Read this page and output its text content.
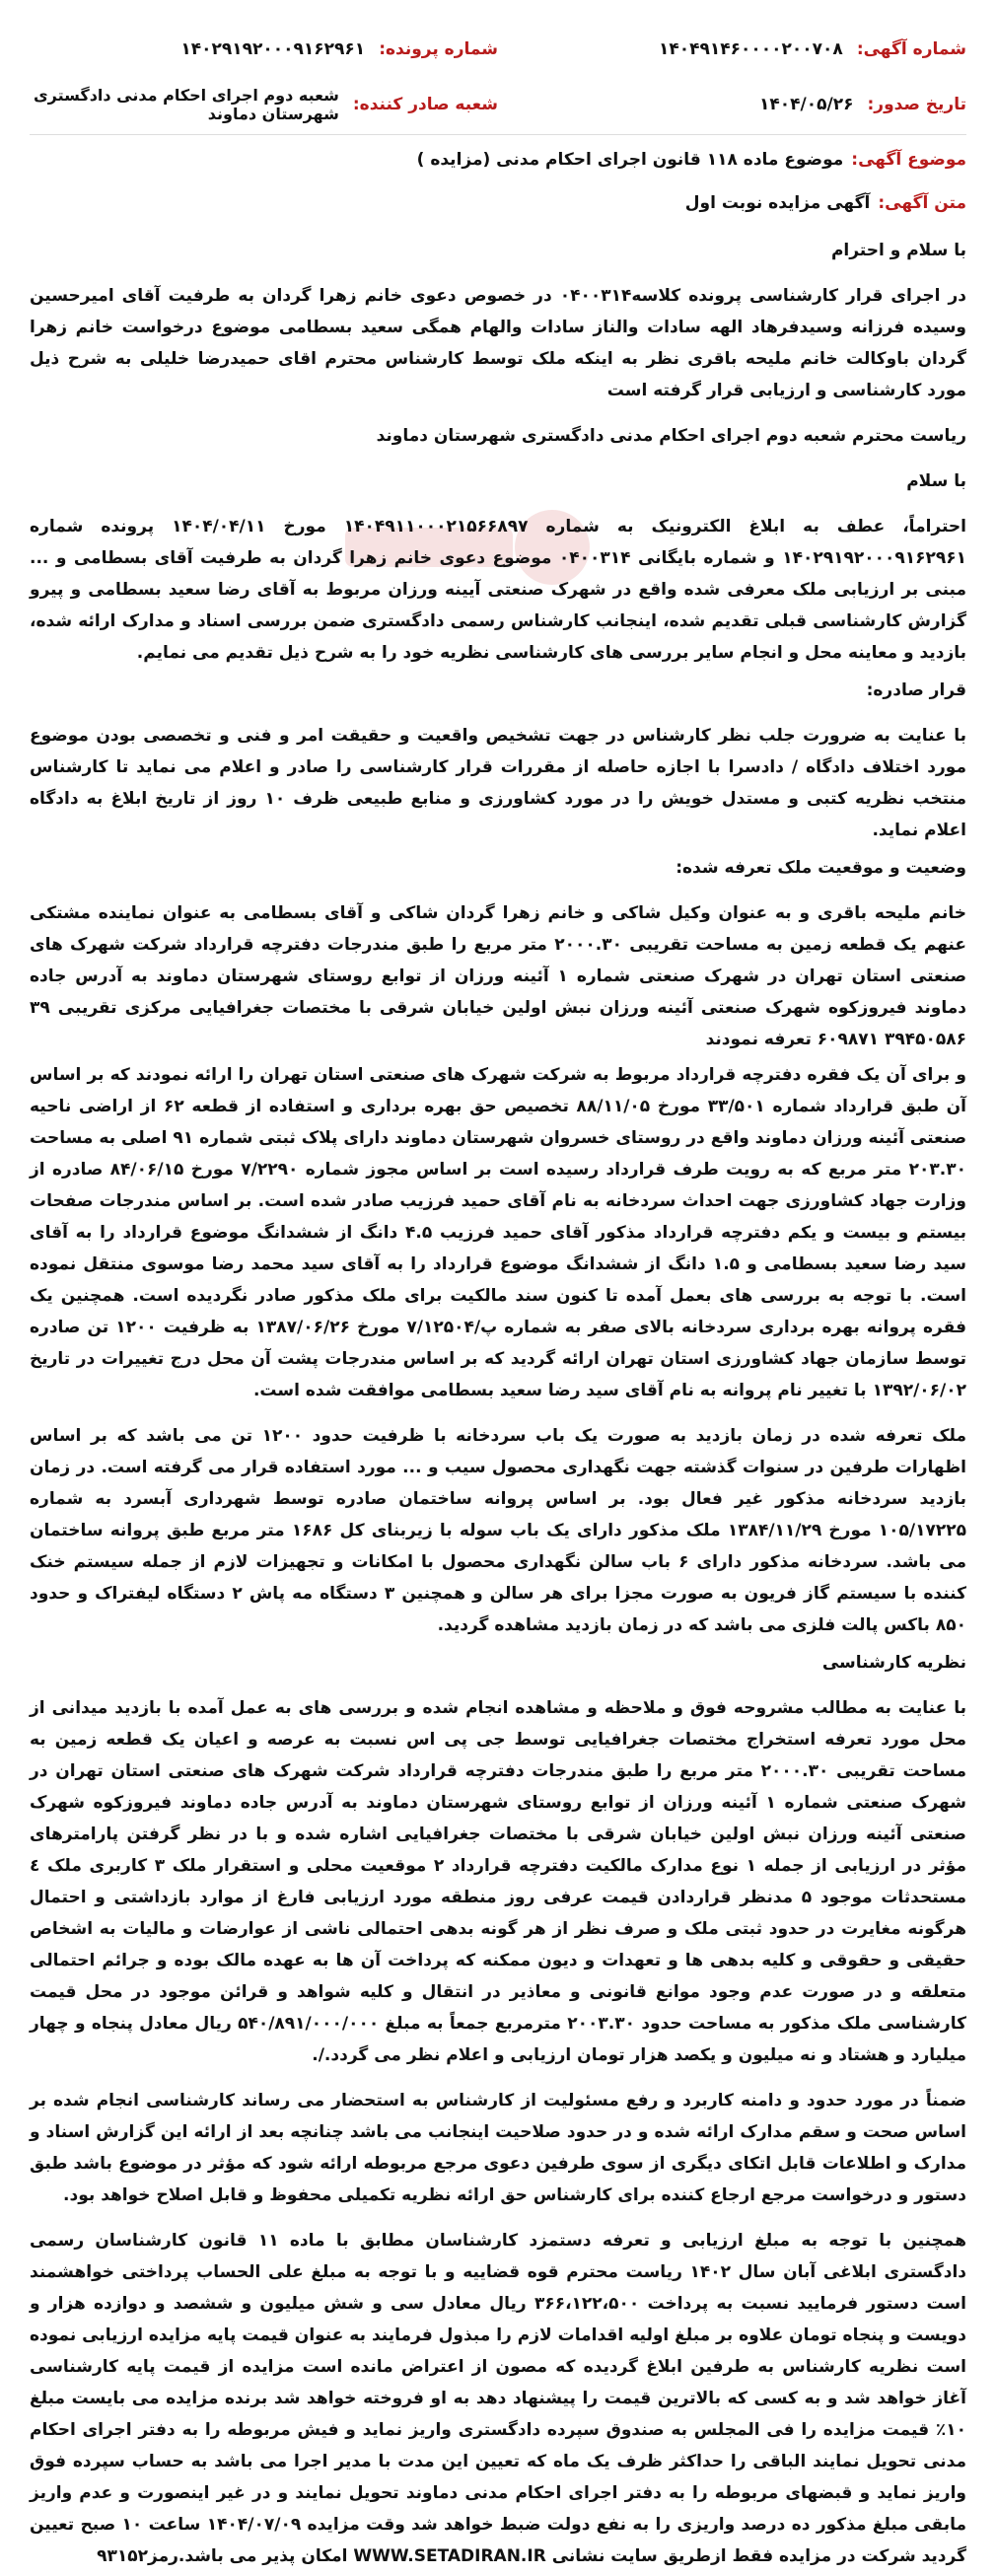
شماره آگهی:
۱۴۰۴۹۱۴۶۰۰۰۰۲۰۰۷۰۸
شماره پرونده:
۱۴۰۲۹۱۹۲۰۰۰۹۱۶۲۹۶۱
تاریخ صدور:
۱۴۰۴/۰۵/۲۶
شعبه صادر کننده:
شعبه دوم اجرای احکام مدنی دادگستری شهرستان دماوند
موضوع آگهی:
موضوع ماده ۱۱۸ قانون اجرای احکام مدنی (مزایده )
متن آگهی:
آگهی مزایده نوبت اول

با سلام و احترام

در اجرای قرار کارشناسی پرونده کلاسه۰۴۰۰۳۱۴ در خصوص دعوی خانم زهرا گردان به طرفیت آقای امیرحسین وسیده فرزانه وسیدفرهاد الهه سادات والناز سادات والهام همگی سعید بسطامی موضوع درخواست خانم زهرا گردان باوکالت خانم ملیحه باقری نظر به اینکه ملک توسط کارشناس محترم اقای حمیدرضا خلیلی به شرح ذیل مورد کارشناسی و ارزیابی قرار گرفته است

ریاست محترم شعبه دوم اجرای احکام مدنی دادگستری شهرستان دماوند

با سلام

احتراماً، عطف به ابلاغ الکترونیک به شماره ۱۴۰۴۹۱۱۰۰۰۲۱۵۶۶۸۹۷ مورخ ۱۴۰۴/۰۴/۱۱ پرونده شماره ۱۴۰۲۹۱۹۲۰۰۰۹۱۶۲۹۶۱ و شماره بایگانی ۰۴۰۰۳۱۴ موضوع دعوی خانم زهرا گردان به طرفیت آقای بسطامی و ... مبنی بر ارزیابی ملک معرفی شده واقع در شهرک صنعتی آیینه ورزان مربوط به آقای رضا سعید بسطامی و پیرو گزارش کارشناسی قبلی تقدیم شده، اینجانب کارشناس رسمی دادگستری ضمن بررسی اسناد و مدارک ارائه شده، بازدید و معاینه محل و انجام سایر بررسی های کارشناسی نظریه خود را به شرح ذیل تقدیم می نمایم.

قرار صادره:

با عنایت به ضرورت جلب نظر کارشناس در جهت تشخیص واقعیت و حقیقت امر و فنی و تخصصی بودن موضوع مورد اختلاف دادگاه / دادسرا با اجازه حاصله از مقررات قرار کارشناسی را صادر و اعلام می نماید تا کارشناس منتخب نظریه کتبی و مستدل خویش را در مورد کشاورزی و منابع طبیعی ظرف ۱۰ روز از تاریخ ابلاغ به دادگاه اعلام نماید.

وضعیت و موقعیت ملک تعرفه شده:

خانم ملیحه باقری و به عنوان وکیل شاکی و خانم زهرا گردان شاکی و آقای بسطامی به عنوان نماینده مشتکی عنهم یک قطعه زمین به مساحت تقریبی ۲۰۰۰.۳۰ متر مربع را طبق مندرجات دفترچه قرارداد شرکت شهرک های صنعتی استان تهران در شهرک صنعتی شماره ۱ آئینه ورزان از توابع روستای شهرستان دماوند به آدرس جاده دماوند فیروزکوه شهرک صنعتی آئینه ورزان نبش اولین خیابان شرقی با مختصات جغرافیایی مرکزی تقریبی ۳۹ ۳۹۴۵۰۵۸۶ ۶۰۹۸۷۱ تعرفه نمودند

و برای آن یک فقره دفترچه قرارداد مربوط به شرکت شهرک های صنعتی استان تهران را ارائه نمودند که بر اساس آن طبق قرارداد شماره ۳۳/۵۰۱ مورخ ۸۸/۱۱/۰۵ تخصیص حق بهره برداری و استفاده از قطعه ۶۲ از اراضی ناحیه صنعتی آئینه ورزان دماوند واقع در روستای خسروان شهرستان دماوند دارای پلاک ثبتی شماره ۹۱ اصلی به مساحت ۲۰۳.۳۰ متر مربع که به رویت طرف قرارداد رسیده است بر اساس مجوز شماره ۷/۲۲۹۰ مورخ ۸۴/۰۶/۱۵ صادره از وزارت جهاد کشاورزی جهت احداث سردخانه به نام آقای حمید فرزیب صادر شده است. بر اساس مندرجات صفحات بیستم و بیست و یکم دفترچه قرارداد مذکور آقای حمید فرزیب ۴.۵ دانگ از ششدانگ موضوع قرارداد را به آقای سید رضا سعید بسطامی و ۱.۵ دانگ از ششدانگ موضوع قرارداد را به آقای سید محمد رضا موسوی منتقل نموده است. با توجه به بررسی های بعمل آمده تا کنون سند مالکیت برای ملک مذکور صادر نگردیده است. همچنین یک فقره پروانه بهره برداری سردخانه بالای صفر به شماره پ/۷/۱۲۵۰۴ مورخ ۱۳۸۷/۰۶/۲۶ به ظرفیت ۱۲۰۰ تن صادره توسط سازمان جهاد کشاورزی استان تهران ارائه گردید که بر اساس مندرجات پشت آن محل درج تغییرات در تاریخ ۱۳۹۲/۰۶/۰۲ با تغییر نام پروانه به نام آقای سید رضا سعید بسطامی موافقت شده است.

ملک تعرفه شده در زمان بازدید به صورت یک باب سردخانه با ظرفیت حدود ۱۲۰۰ تن می باشد که بر اساس اظهارات طرفین در سنوات گذشته جهت نگهداری محصول سیب و ... مورد استفاده قرار می گرفته است. در زمان بازدید سردخانه مذکور غیر فعال بود. بر اساس پروانه ساختمان صادره توسط شهرداری آبسرد به شماره ۱۰۵/۱۷۲۲۵ مورخ ۱۳۸۴/۱۱/۲۹ ملک مذکور دارای یک باب سوله با زیربنای کل ۱۶۸۶ متر مربع طبق پروانه ساختمان می باشد. سردخانه مذکور دارای ۶ باب سالن نگهداری محصول با امکانات و تجهیزات لازم از جمله سیستم خنک کننده با سیستم گاز فریون به صورت مجزا برای هر سالن و همچنین ۳ دستگاه مه پاش ۲ دستگاه لیفتراک و حدود ۸۵۰ باکس پالت فلزی می باشد که در زمان بازدید مشاهده گردید.

نظریه کارشناسی

با عنایت به مطالب مشروحه فوق و ملاحظه و مشاهده انجام شده و بررسی های به عمل آمده با بازدید میدانی از محل مورد تعرفه استخراج مختصات جغرافیایی توسط جی پی اس نسبت به عرصه و اعیان یک قطعه زمین به مساحت تقریبی ۲۰۰۰.۳۰ متر مربع را طبق مندرجات دفترچه قرارداد شرکت شهرک های صنعتی استان تهران در شهرک صنعتی شماره ۱ آئینه ورزان از توابع روستای شهرستان دماوند به آدرس جاده دماوند فیروزکوه شهرک صنعتی آئینه ورزان نبش اولین خیابان شرقی با مختصات جغرافیایی اشاره شده و با در نظر گرفتن پارامترهای مؤثر در ارزیابی از جمله ۱ نوع مدارک مالکیت دفترچه قرارداد ۲ موقعیت محلی و استقرار ملک ۳ کاربری ملک ٤ مستحدثات موجود ۵ مدنظر قراردادن قیمت عرفی روز منطقه مورد ارزیابی فارغ از موارد بازداشتی و احتمال هرگونه مغایرت در حدود ثبتی ملک و صرف نظر از هر گونه بدهی احتمالی ناشی از عوارضات و مالیات به اشخاص حقیقی و حقوقی و کلیه بدهی ها و تعهدات و دیون ممکنه که پرداخت آن ها به عهده مالک بوده و جرائم احتمالی متعلقه و در صورت عدم وجود موانع قانونی و معاذیر در انتقال و کلیه شواهد و قرائن موجود در محل قیمت کارشناسی ملک مذکور به مساحت حدود ۲۰۰۳.۳۰ مترمربع جمعاً به مبلغ ۵۴۰/۸۹۱/۰۰۰/۰۰۰ ریال معادل پنجاه و چهار میلیارد و هشتاد و نه میلیون و یکصد هزار تومان ارزیابی و اعلام نظر می گردد./.

ضمناً در مورد حدود و دامنه کاربرد و رفع مسئولیت از کارشناس به استحضار می رساند کارشناسی انجام شده بر اساس صحت و سقم مدارک ارائه شده و در حدود صلاحیت اینجانب می باشد چنانچه بعد از ارائه این گزارش اسناد و مدارک و اطلاعات قابل اتکای دیگری از سوی طرفین دعوی مرجع مربوطه ارائه شود که مؤثر در موضوع باشد طبق دستور و درخواست مرجع ارجاع کننده برای کارشناس حق ارائه نظریه تکمیلی محفوظ و قابل اصلاح خواهد بود.

همچنین با توجه به مبلغ ارزیابی و تعرفه دستمزد کارشناسان مطابق با ماده ۱۱ قانون کارشناسان رسمی دادگستری ابلاغی آبان سال ۱۴۰۲ ریاست محترم قوه قضاییه و با توجه به مبلغ علی الحساب پرداختی خواهشمند است دستور فرمایید نسبت به پرداخت ۳۶۶،۱۲۲،۵۰۰ ریال معادل سی و شش میلیون و ششصد و دوازده هزار و دویست و پنجاه تومان علاوه بر مبلغ اولیه اقدامات لازم را مبذول فرمایند به عنوان قیمت پایه مزایده ارزیابی نموده است نظریه کارشناس به طرفین ابلاغ گردیده که مصون از اعتراض مانده است مزایده از قیمت پایه کارشناسی آغاز خواهد شد و به کسی که بالاترین قیمت را پیشنهاد دهد به او فروخته خواهد شد برنده مزایده می بایست مبلغ ۱۰٪ قیمت مزایده را فی المجلس به صندوق سپرده دادگستری واریز نماید و فیش مربوطه را به دفتر اجرای احکام مدنی تحویل نمایند الباقی را حداکثر ظرف یک ماه که تعیین این مدت با مدیر اجرا می باشد به حساب سپرده فوق واریز نماید و قبضهای مربوطه را به دفتر اجرای احکام مدنی دماوند تحویل نمایند و در غیر اینصورت و عدم واریز مابقی مبلغ مذکور ده درصد واریزی را به نفع دولت ضبط خواهد شد وقت مزایده ۱۴۰۴/۰۷/۰۹ ساعت ۱۰ صبح تعیین گردید شرکت در مزایده فقط ازطریق سایت نشانی WWW.SETADIRAN.IR امکان پذیر می باشد.رمز۹۳۱۵۲
